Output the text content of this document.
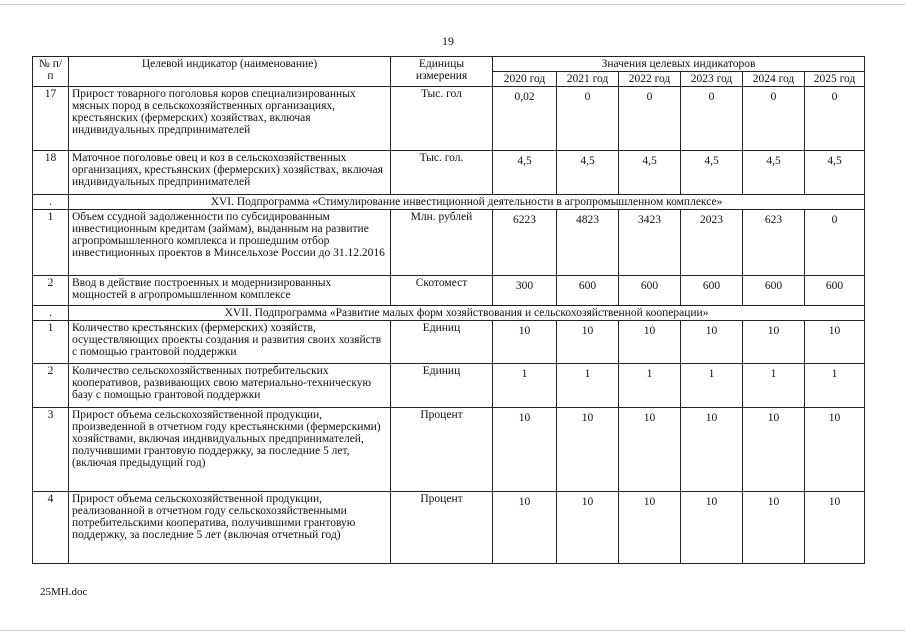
19
№ п/п	Целевой индикатор (наименование)	Единицы измерения	Значения целевых индикаторов					
			2020 год	2021 год	2022 год	2023 год	2024 год	2025 год
17	Прирост товарного поголовья коров специализированных мясных пород в сельскохозяйственных организациях, крестьянских (фермерских) хозяйствах, включая индивидуальных предпринимателей	Тыс. гол	0,02	0	0	0	0	0
18	Маточное поголовье овец и коз в сельскохозяйственных организациях, крестьянских (фермерских) хозяйствах, включая индивидуальных предпринимателей	Тыс. гол.	4,5	4,5	4,5	4,5	4,5	4,5
.	XVI. Подпрограмма «Стимулирование инвестиционной деятельности в агропромышленном комплексе»							
1	Объем ссудной задолженности по субсидированным инвестиционным кредитам (займам), выданным на развитие агропромышленного комплекса и прошедшим отбор инвестиционных проектов в Минсельхозе России до 31.12.2016	Млн. рублей	6223	4823	3423	2023	623	0
2	Ввод в действие построенных и модернизированных мощностей в агропромышленном комплексе	Скотомест	300	600	600	600	600	600
.	XVII. Подпрограмма «Развитие малых форм хозяйствования и сельскохозяйственной кооперации»							
1	Количество крестьянских (фермерских) хозяйств, осуществляющих проекты создания и развития своих хозяйств с помощью грантовой поддержки	Единиц	10	10	10	10	10	10
2	Количество сельскохозяйственных потребительских кооперативов, развивающих свою материально-техническую базу с помощью грантовой поддержки	Единиц	1	1	1	1	1	1
3	Прирост объема сельскохозяйственной продукции, произведенной в отчетном году крестьянскими (фермерскими) хозяйствами, включая индивидуальных предпринимателей, получившими грантовую поддержку, за последние 5 лет, (включая предыдущий год)	Процент	10	10	10	10	10	10
4	Прирост объема сельскохозяйственной продукции, реализованной в отчетном году сельскохозяйственными потребительскими кооператива, получившими грантовую поддержку, за последние 5 лет (включая отчетный год)	Процент	10	10	10	10	10	10
25MH.doc
